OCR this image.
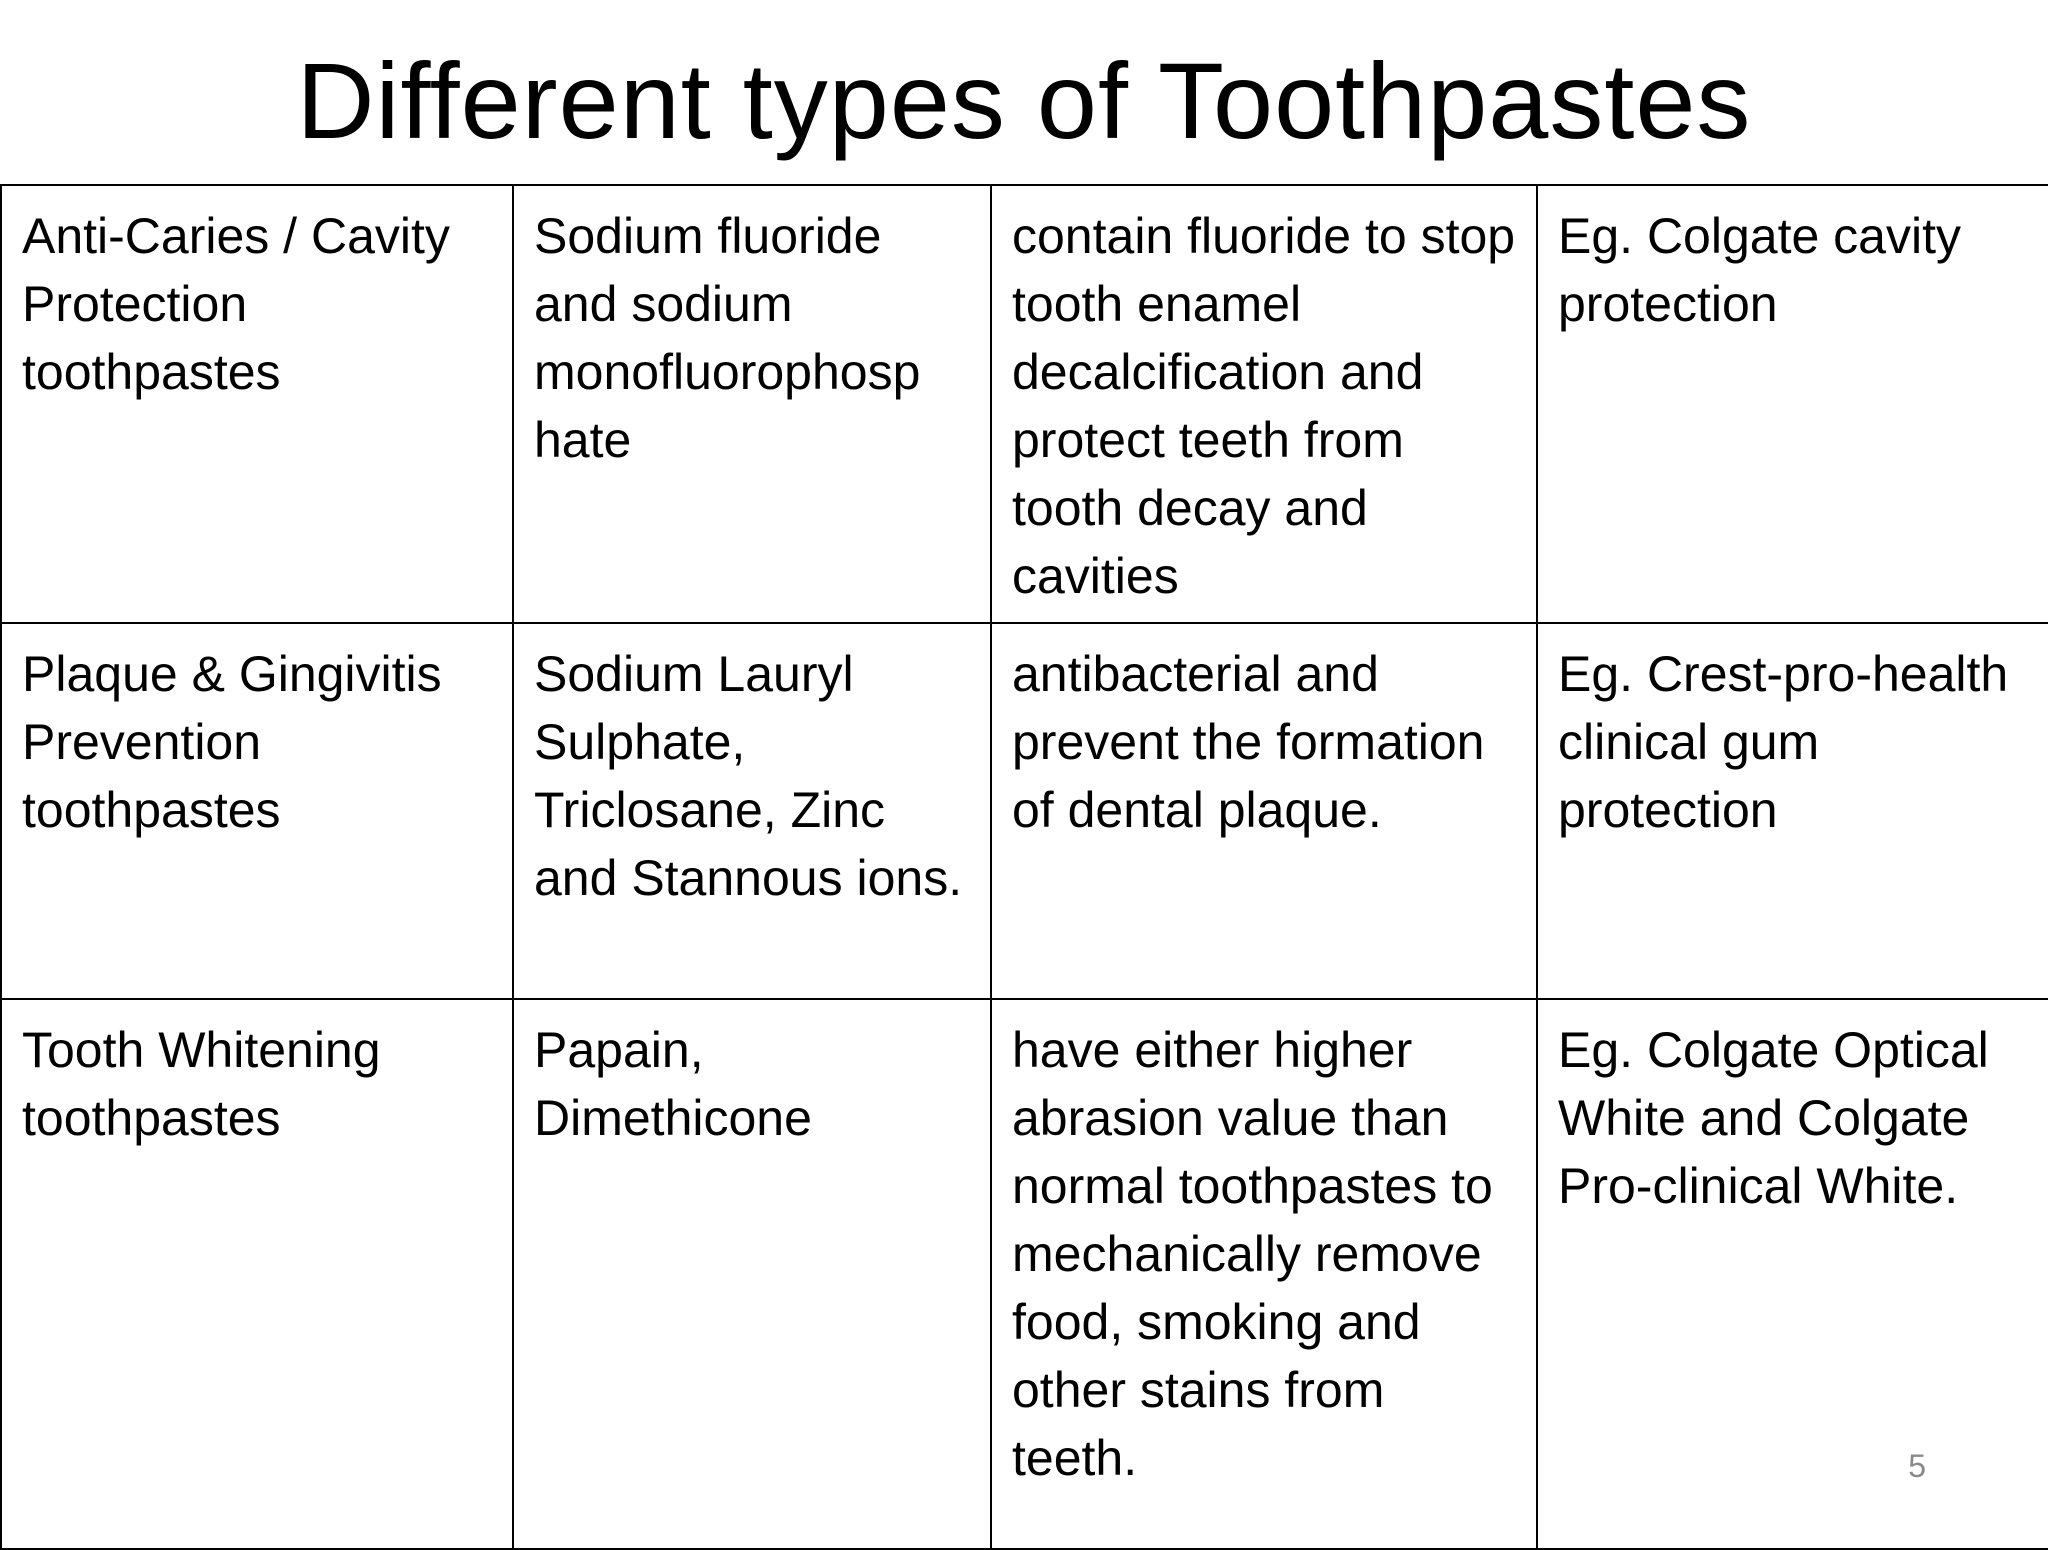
Different types of Toothpastes
Anti-Caries / Cavity Protection toothpastes	Sodium fluoride and sodium monofluorophosp hate	contain fluoride to stop tooth enamel decalcification and protect teeth from tooth decay and cavities	Eg. Colgate cavity protection
Plaque & Gingivitis Prevention toothpastes	Sodium Lauryl Sulphate, Triclosane, Zinc and Stannous ions.	antibacterial and prevent the formation of dental plaque.	Eg. Crest-pro-health clinical gum protection
Tooth Whitening toothpastes	Papain, Dimethicone	have either higher abrasion value than normal toothpastes to mechanically remove food, smoking and other stains from teeth.	Eg. Colgate Optical White and Colgate Pro-clinical White.
5
